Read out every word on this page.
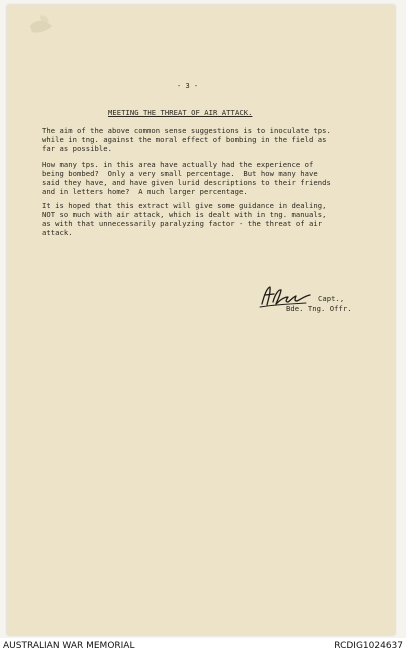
- 3 -
MEETING THE THREAT OF AIR ATTACK.
The aim of the above common sense suggestions is to inoculate tps.
while in tng. against the moral effect of bombing in the field as
far as possible.
How many tps. in this area have actually had the experience of
being bombed?  Only a very small percentage.  But how many have
said they have, and have given lurid descriptions to their friends
and in letters home?  A much larger percentage.
It is hoped that this extract will give some guidance in dealing,
NOT so much with air attack, which is dealt with in tng. manuals,
as with that unnecessarily paralyzing factor - the threat of air
attack.
Capt.,
Bde. Tng. Offr.
AUSTRALIAN WAR MEMORIAL	RCDIG1024637
